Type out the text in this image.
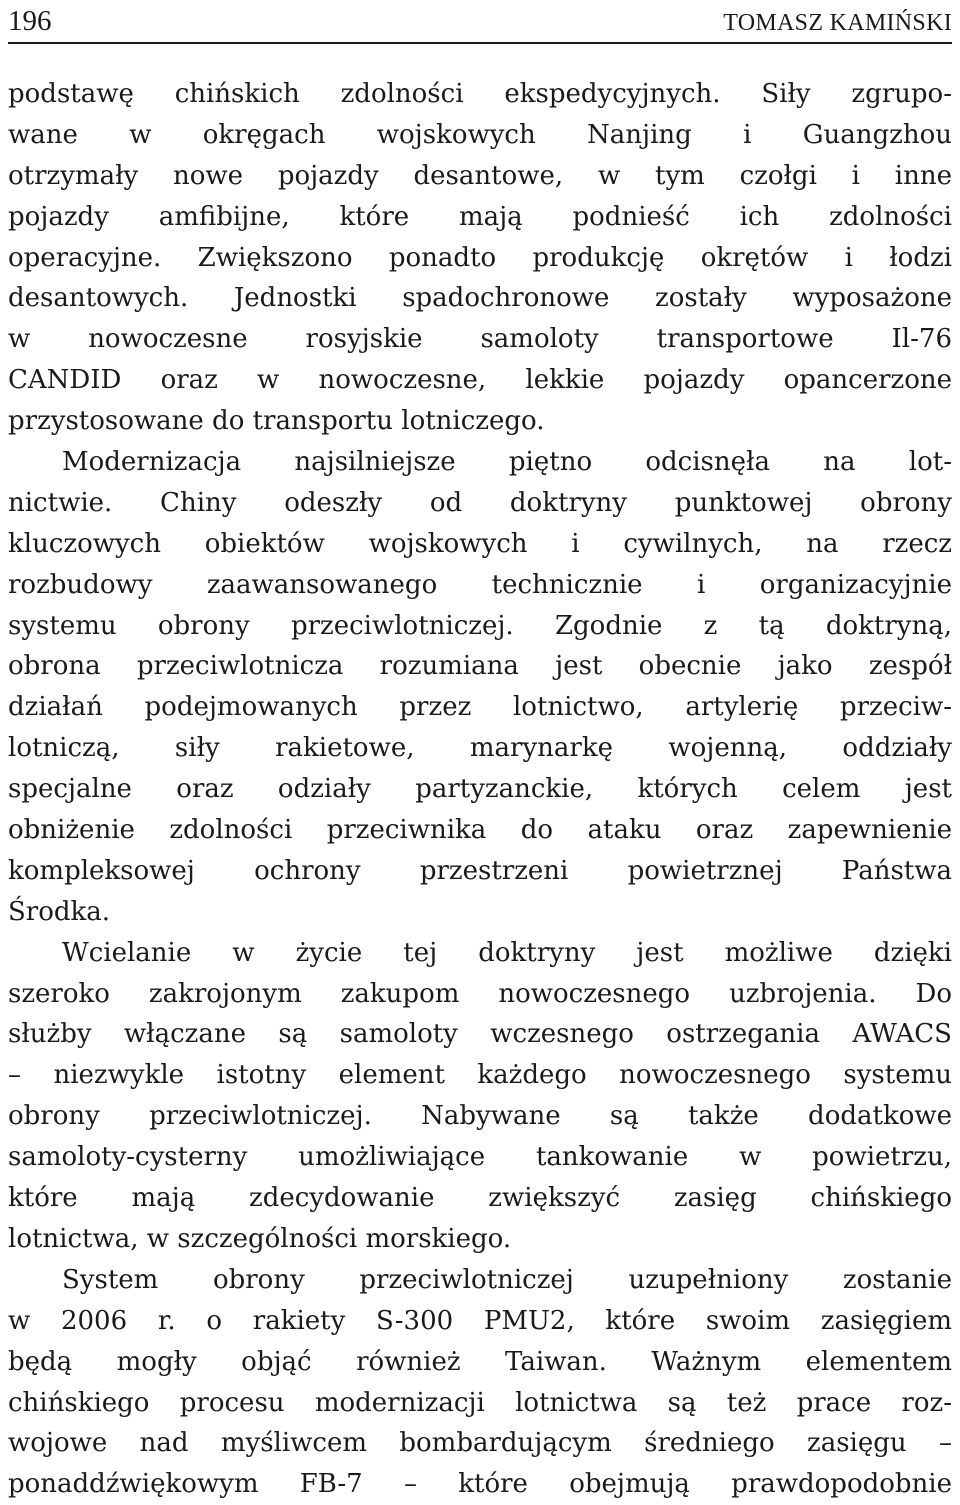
196	TOMASZ KAMIŃSKI
podstawę chińskich zdolności ekspedycyjnych. Siły zgrupo-
wane w okręgach wojskowych Nanjing i Guangzhou
otrzymały nowe pojazdy desantowe, w tym czołgi i inne
pojazdy amfibijne, które mają podnieść ich zdolności
operacyjne. Zwiększono ponadto produkcję okrętów i łodzi
desantowych. Jednostki spadochronowe zostały wyposażone
w nowoczesne rosyjskie samoloty transportowe Il-76
CANDID oraz w nowoczesne, lekkie pojazdy opancerzone
przystosowane do transportu lotniczego.
Modernizacja najsilniejsze piętno odcisnęła na lot-
nictwie. Chiny odeszły od doktryny punktowej obrony
kluczowych obiektów wojskowych i cywilnych, na rzecz
rozbudowy zaawansowanego technicznie i organizacyjnie
systemu obrony przeciwlotniczej. Zgodnie z tą doktryną,
obrona przeciwlotnicza rozumiana jest obecnie jako zespół
działań podejmowanych przez lotnictwo, artylerię przeciw-
lotniczą, siły rakietowe, marynarkę wojenną, oddziały
specjalne oraz odziały partyzanckie, których celem jest
obniżenie zdolności przeciwnika do ataku oraz zapewnienie
kompleksowej ochrony przestrzeni powietrznej Państwa
Środka.
Wcielanie w życie tej doktryny jest możliwe dzięki
szeroko zakrojonym zakupom nowoczesnego uzbrojenia. Do
służby włączane są samoloty wczesnego ostrzegania AWACS
– niezwykle istotny element każdego nowoczesnego systemu
obrony przeciwlotniczej. Nabywane są także dodatkowe
samoloty-cysterny umożliwiające tankowanie w powietrzu,
które mają zdecydowanie zwiększyć zasięg chińskiego
lotnictwa, w szczególności morskiego.
System obrony przeciwlotniczej uzupełniony zostanie
w 2006 r. o rakiety S-300 PMU2, które swoim zasięgiem
będą mogły objąć również Taiwan. Ważnym elementem
chińskiego procesu modernizacji lotnictwa są też prace roz-
wojowe nad myśliwcem bombardującym średniego zasięgu –
ponaddźwiękowym FB-7 – które obejmują prawdopodobnie
